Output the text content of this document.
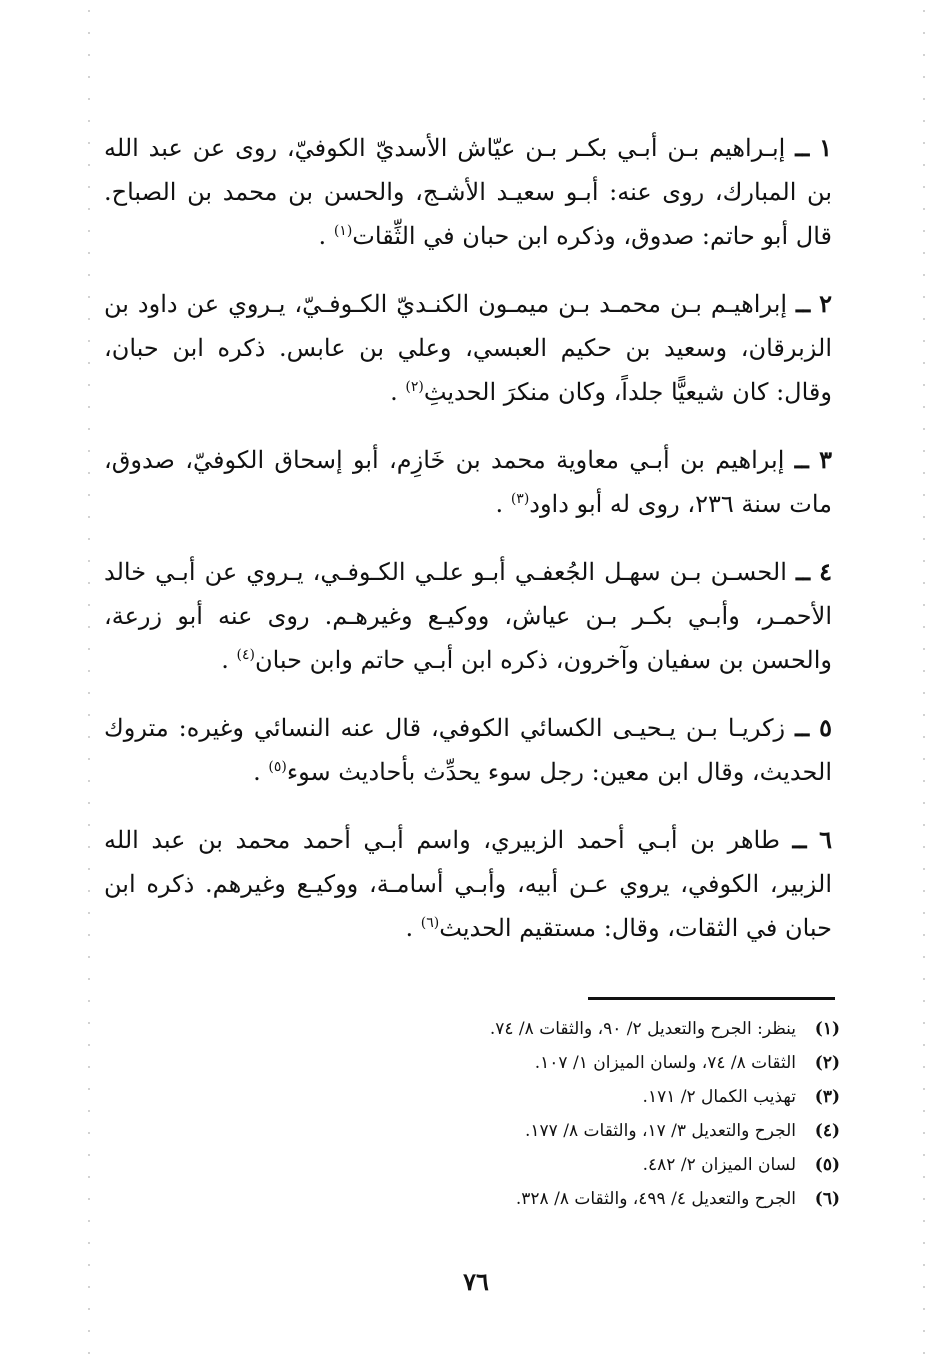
١ ــ إبـراهيم بـن أبـي بكـر بـن عيّاش الأسديّ الكوفيّ، روى عن عبد الله بن المبارك، روى عنه: أبـو سعيـد الأشـج، والحسن بن محمد بن الصباح. قال أبو حاتم: صدوق، وذكره ابن حبان في الثِّقات$^{(١)}$ .

٢ ــ إبراهيـم بـن محمـد بـن ميمـون الكنـديّ الكـوفـيّ، يـروي عن داود بن الزبرقان، وسعيد بن حكيم العبسي، وعلي بن عابس. ذكره ابن حبان، وقال: كان شيعيًّا جلداً، وكان منكرَ الحديثِ$^{(٢)}$ .

٣ ــ إبراهيم بن أبـي معاوية محمد بن خَازِم، أبو إسحاق الكوفيّ، صدوق، مات سنة ٢٣٦، روى له أبو داود$^{(٣)}$ .

٤ ــ الحسـن بـن سهـل الجُعفـي أبـو علـي الكـوفـي، يـروي عن أبـي خالد الأحمـر، وأبـي بكـر بـن عياش، ووكيـع وغيرهـم. روى عنه أبو زرعة، والحسن بن سفيان وآخرون، ذكره ابن أبـي حاتم وابن حبان$^{(٤)}$ .

٥ ــ زكريـا بـن يـحيـى الكسائي الكوفي، قال عنه النسائي وغيره: متروك الحديث، وقال ابن معين: رجل سوء يحدِّث بأحاديث سوء$^{(٥)}$ .

٦ ــ طاهر بن أبـي أحمد الزبيري، واسم أبـي أحمد محمد بن عبد الله الزبير، الكوفي، يروي عـن أبيه، وأبـي أسامـة، ووكيـع وغيرهم. ذكره ابن حبان في الثقات، وقال: مستقيم الحديث$^{(٦)}$ .

(١)
ينظر: الجرح والتعديل ٢/ ٩٠، والثقات ٨/ ٧٤.
(٢)
الثقات ٨/ ٧٤، ولسان الميزان ١/ ١٠٧.
(٣)
تهذيب الكمال ٢/ ١٧١.
(٤)
الجرح والتعديل ٣/ ١٧، والثقات ٨/ ١٧٧.
(٥)
لسان الميزان ٢/ ٤٨٢.
(٦)
الجرح والتعديل ٤/ ٤٩٩، والثقات ٨/ ٣٢٨.
٧٦
